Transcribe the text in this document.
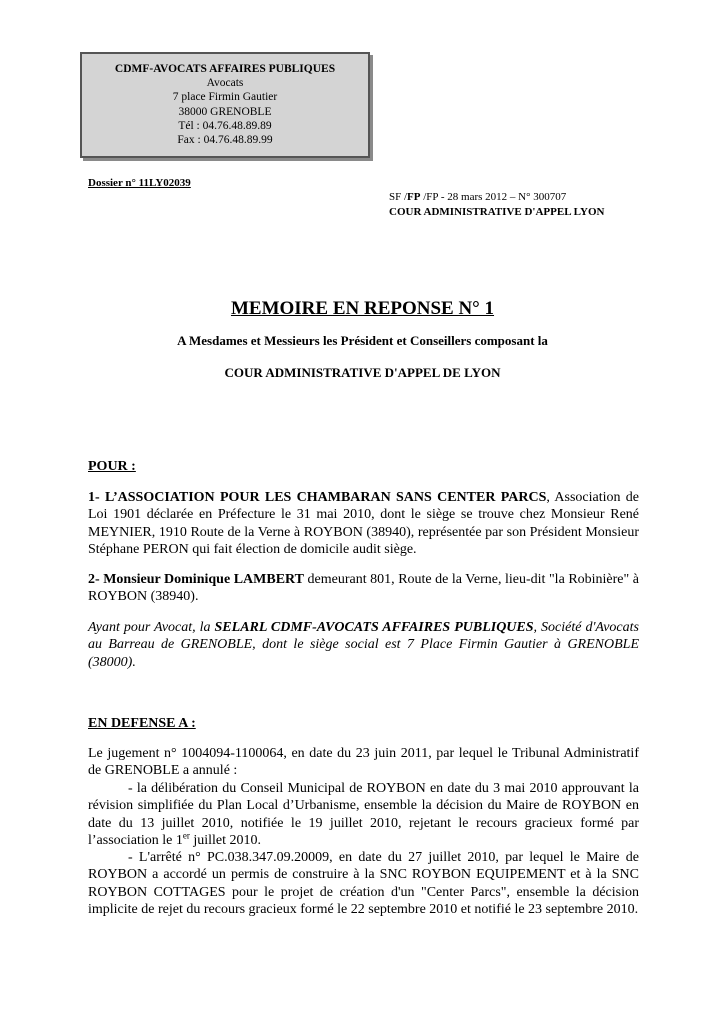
CDMF-AVOCATS AFFAIRES PUBLIQUES
Avocats
7 place Firmin Gautier
38000 GRENOBLE
Tél : 04.76.48.89.89
Fax : 04.76.48.89.99
Dossier n° 11LY02039
SF /FP /FP - 28 mars 2012 – N° 300707
COUR ADMINISTRATIVE D'APPEL LYON
MEMOIRE EN REPONSE N° 1
A Mesdames et Messieurs les Président et Conseillers composant la
COUR ADMINISTRATIVE D'APPEL DE LYON
POUR :
1- L’ASSOCIATION POUR LES CHAMBARAN SANS CENTER PARCS, Association de Loi 1901 déclarée en Préfecture le 31 mai 2010, dont le siège se trouve chez Monsieur René MEYNIER, 1910 Route de la Verne à ROYBON (38940), représentée par son Président Monsieur Stéphane PERON qui fait élection de domicile audit siège.
2- Monsieur Dominique LAMBERT demeurant 801, Route de la Verne, lieu-dit "la Robinière" à ROYBON (38940).
Ayant pour Avocat, la SELARL CDMF-AVOCATS AFFAIRES PUBLIQUES, Société d'Avocats au Barreau de GRENOBLE, dont le siège social est 7 Place Firmin Gautier à GRENOBLE (38000).
EN DEFENSE A :
Le jugement n° 1004094-1100064, en date du 23 juin 2011, par lequel le Tribunal Administratif de GRENOBLE a annulé :
- la délibération du Conseil Municipal de ROYBON en date du 3 mai 2010 approuvant la révision simplifiée du Plan Local d’Urbanisme, ensemble la décision du Maire de ROYBON en date du 13 juillet 2010, notifiée le 19 juillet 2010, rejetant le recours gracieux formé par l’association le 1er juillet 2010.
- L'arrêté n° PC.038.347.09.20009, en date du 27 juillet 2010, par lequel le Maire de ROYBON a accordé un permis de construire à la SNC ROYBON EQUIPEMENT et à la SNC ROYBON COTTAGES pour le projet de création d'un "Center Parcs", ensemble la décision implicite de rejet du recours gracieux formé le 22 septembre 2010 et notifié le 23 septembre 2010.
